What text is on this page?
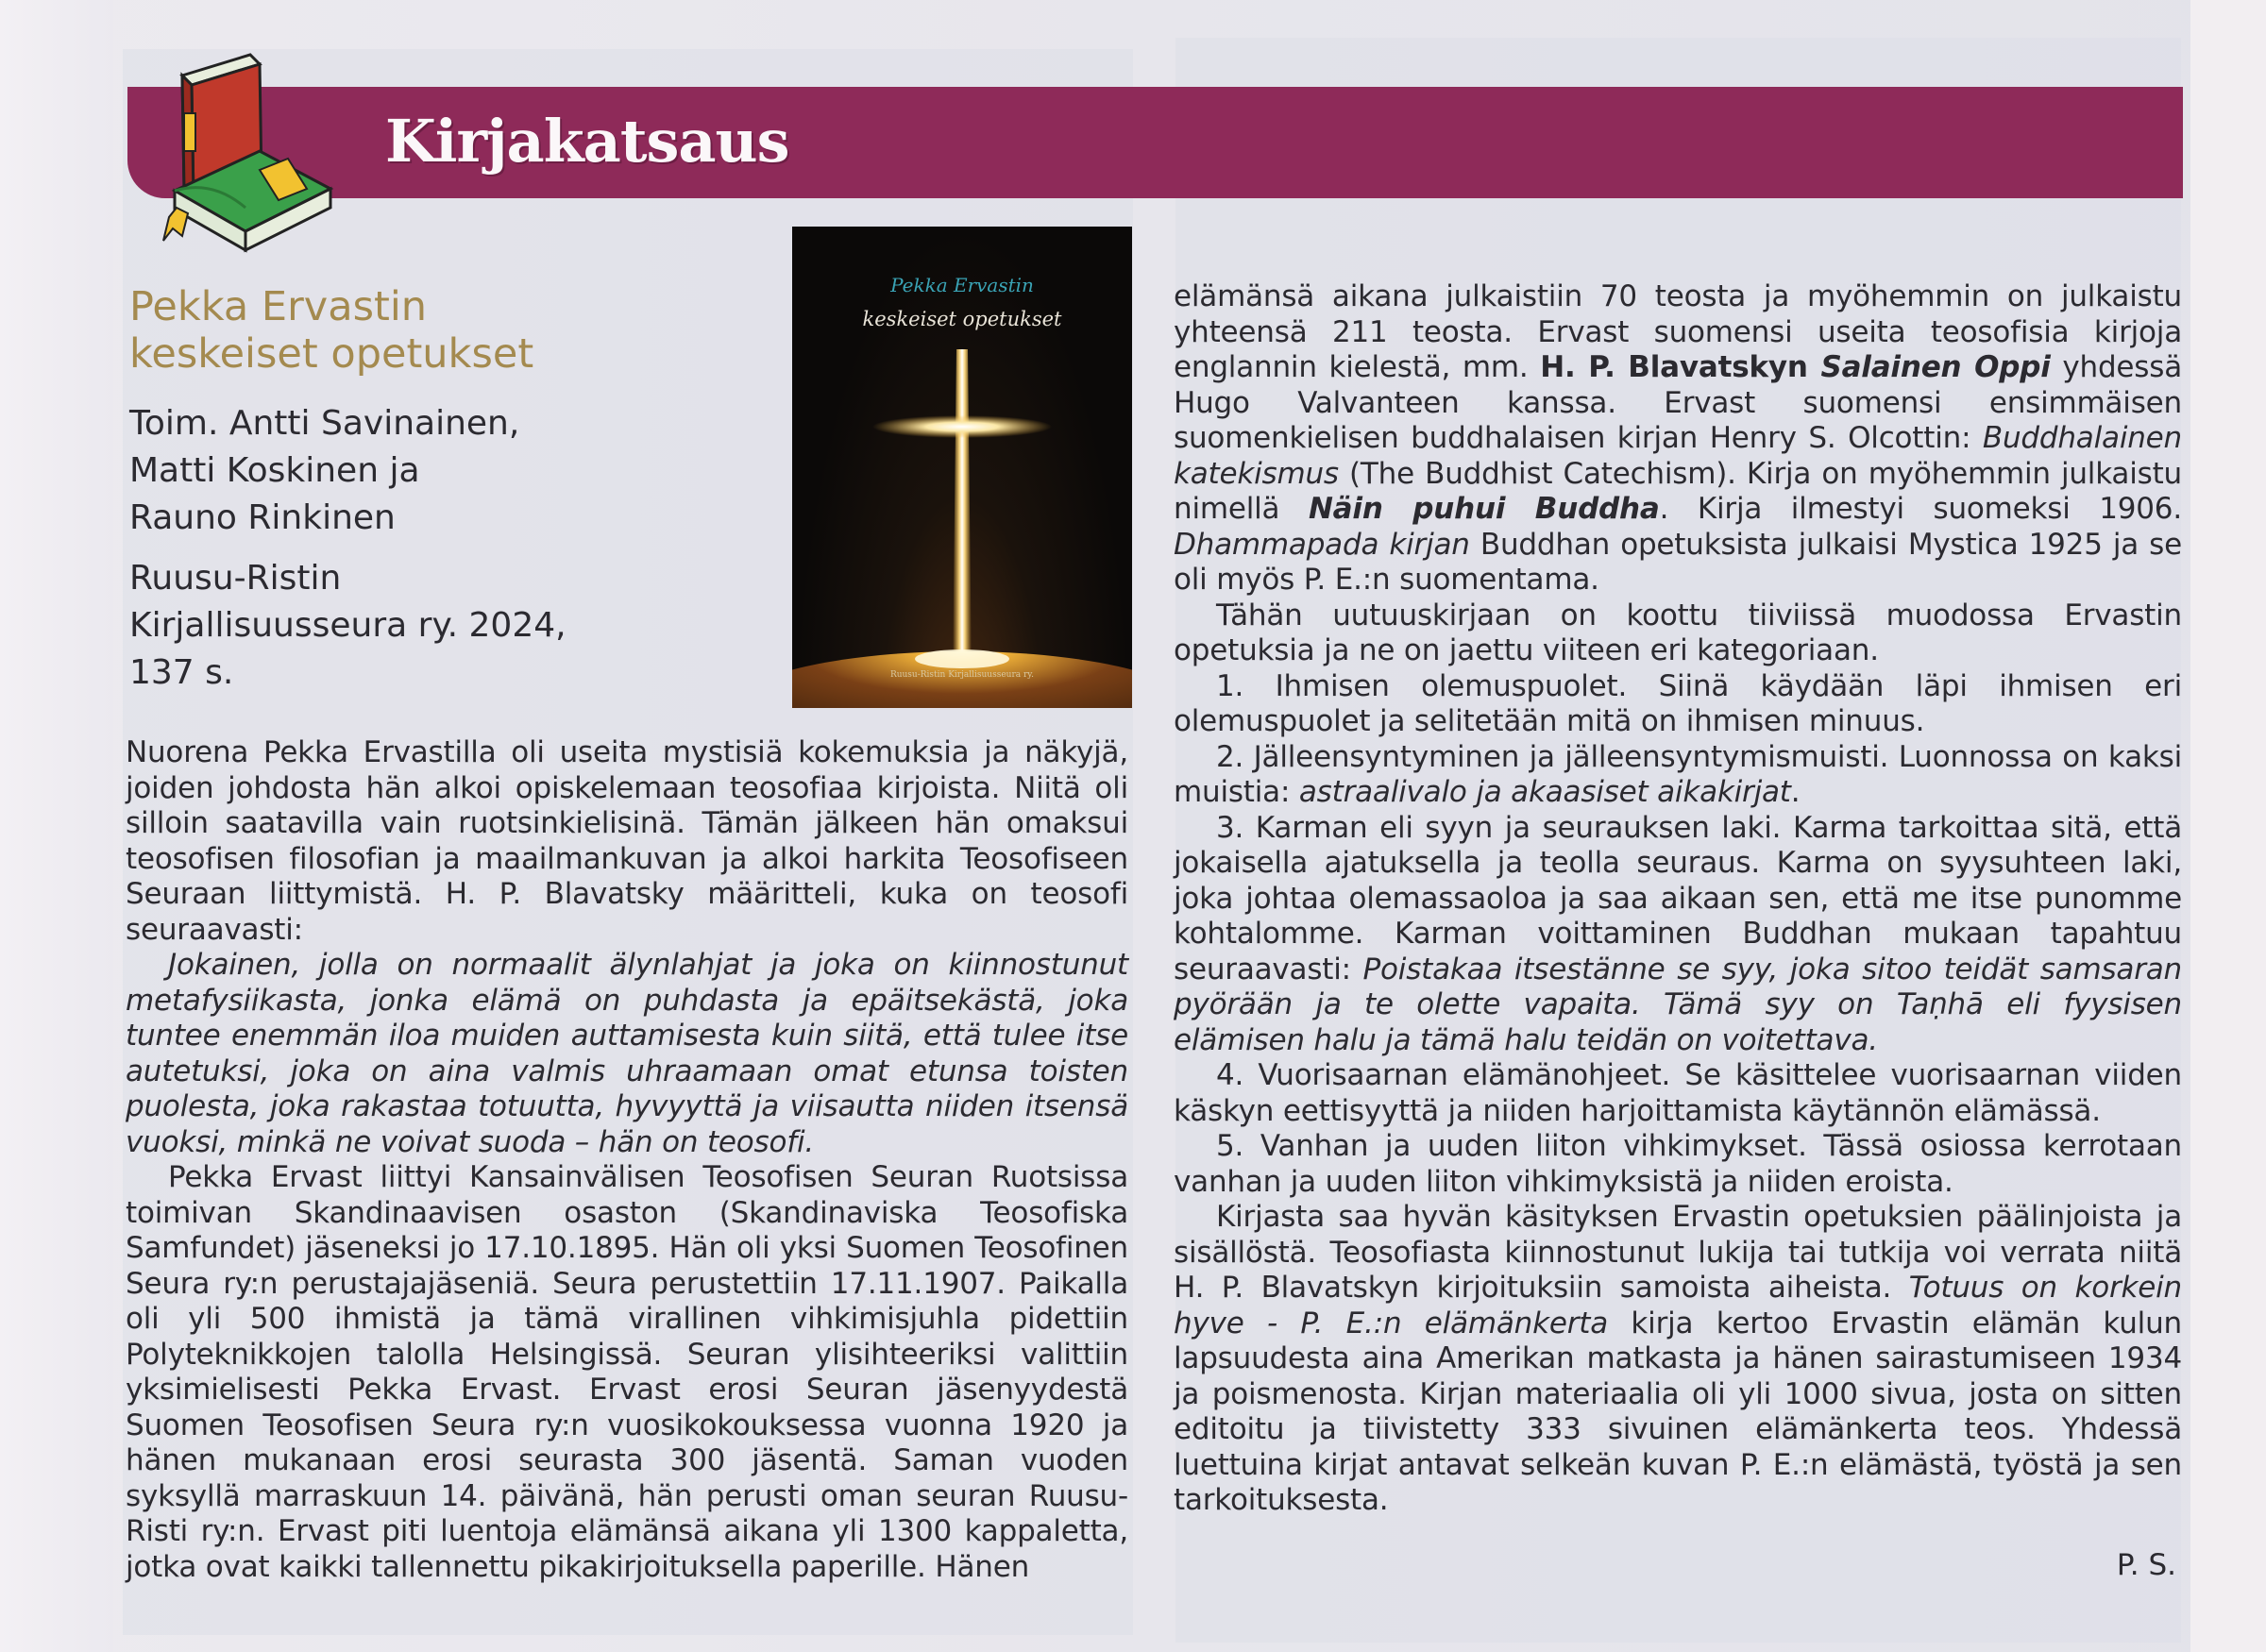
Kirjakatsaus
Pekka Ervastin
keskeiset opetukset
Toim. Antti Savinainen,
Matti Koskinen ja
Rauno Rinkinen
Ruusu-Ristin
Kirjallisuusseura ry. 2024,
137 s.
Pekka Ervastin
keskeiset opetukset
Ruusu-Ristin Kirjallisuusseura ry.

Nuorena Pekka Ervastilla oli useita mystisiä kokemuksia ja näkyjä, joiden johdosta hän alkoi opiskelemaan teosofiaa kirjoista. Niitä oli silloin saatavilla vain ruotsinkielisinä. Tämän jälkeen hän omaksui teosofisen filosofian ja maailmankuvan ja alkoi harkita Teosofiseen Seuraan liittymistä. H. P. Blavatsky määritteli, kuka on teosofi seuraavasti:

Jokainen, jolla on normaalit älynlahjat ja joka on kiinnostunut metafysiikasta, jonka elämä on puhdasta ja epäitsekästä, joka tuntee enemmän iloa muiden auttamisesta kuin siitä, että tulee itse autetuksi, joka on aina valmis uhraamaan omat etunsa toisten puolesta, joka rakastaa totuutta, hyvyyttä ja viisautta niiden itsensä vuoksi, minkä ne voivat suoda – hän on teosofi.

Pekka Ervast liittyi Kansainvälisen Teosofisen Seuran Ruotsissa toimivan Skandinaavisen osaston (Skandinaviska Teosofiska Samfundet) jäseneksi jo 17.10.1895. Hän oli yksi Suomen Teosofinen Seura ry:n perustajajäseniä. Seura perustettiin 17.11.1907. Paikalla oli yli 500 ihmistä ja tämä virallinen vihkimisjuhla pidettiin Polyteknikkojen talolla Helsingissä. Seuran ylisihteeriksi valittiin yksimielisesti Pekka Ervast. Ervast erosi Seuran jäsenyydestä Suomen Teosofisen Seura ry:n vuosikokouksessa vuonna 1920 ja hänen mukanaan erosi seurasta 300 jäsentä. Saman vuoden syksyllä marraskuun 14. päivänä, hän perusti oman seuran Ruusu-Risti ry:n. Ervast piti luentoja elämänsä aikana yli 1300 kappaletta, jotka ovat kaikki tallennettu pikakirjoituksella paperille. Hänen

elämänsä aikana julkaistiin 70 teosta ja myöhemmin on julkaistu yhteensä 211 teosta. Ervast suomensi useita teosofisia kirjoja englannin kielestä, mm. H. P. Blavatskyn Salainen Oppi yhdessä Hugo Valvanteen kanssa. Ervast suomensi ensimmäisen suomenkielisen buddhalaisen kirjan Henry S. Olcottin: Buddhalainen katekismus (The Buddhist Catechism). Kirja on myöhemmin julkaistu nimellä Näin puhui Buddha. Kirja ilmestyi suomeksi 1906. Dhammapada kirjan Buddhan opetuksista julkaisi Mystica 1925 ja se oli myös P. E.:n suomentama.

Tähän uutuuskirjaan on koottu tiiviissä muodossa Ervastin opetuksia ja ne on jaettu viiteen eri kategoriaan.

1. Ihmisen olemuspuolet. Siinä käydään läpi ihmisen eri olemuspuolet ja selitetään mitä on ihmisen minuus.

2. Jälleensyntyminen ja jälleensyntymismuisti. Luonnossa on kaksi muistia: astraalivalo ja akaasiset aikakirjat.

3. Karman eli syyn ja seurauksen laki. Karma tarkoittaa sitä, että jokaisella ajatuksella ja teolla seuraus. Karma on syysuhteen laki, joka johtaa olemassaoloa ja saa aikaan sen, että me itse punomme kohtalomme. Karman voittaminen Buddhan mukaan tapahtuu seuraavasti: Poistakaa itsestänne se syy, joka sitoo teidät samsaran pyörään ja te olette vapaita. Tämä syy on Taṇhā eli fyysisen elämisen halu ja tämä halu teidän on voitettava.

4. Vuorisaarnan elämänohjeet. Se käsittelee vuorisaarnan viiden käskyn eettisyyttä ja niiden harjoittamista käytännön elämässä.

5. Vanhan ja uuden liiton vihkimykset. Tässä osiossa kerrotaan vanhan ja uuden liiton vihkimyksistä ja niiden eroista.

Kirjasta saa hyvän käsityksen Ervastin opetuksien päälinjoista ja sisällöstä. Teosofiasta kiinnostunut lukija tai tutkija voi verrata niitä H. P. Blavatskyn kirjoituksiin samoista aiheista. Totuus on korkein hyve - P. E.:n elämänkerta kirja kertoo Ervastin elämän kulun lapsuudesta aina Amerikan matkasta ja hänen sairastumiseen 1934 ja poismenosta. Kirjan materiaalia oli yli 1000 sivua, josta on sitten editoitu ja tiivistetty 333 sivuinen elämänkerta teos. Yhdessä luettuina kirjat antavat selkeän kuvan P. E.:n elämästä, työstä ja sen tarkoituksesta.

P. S.
